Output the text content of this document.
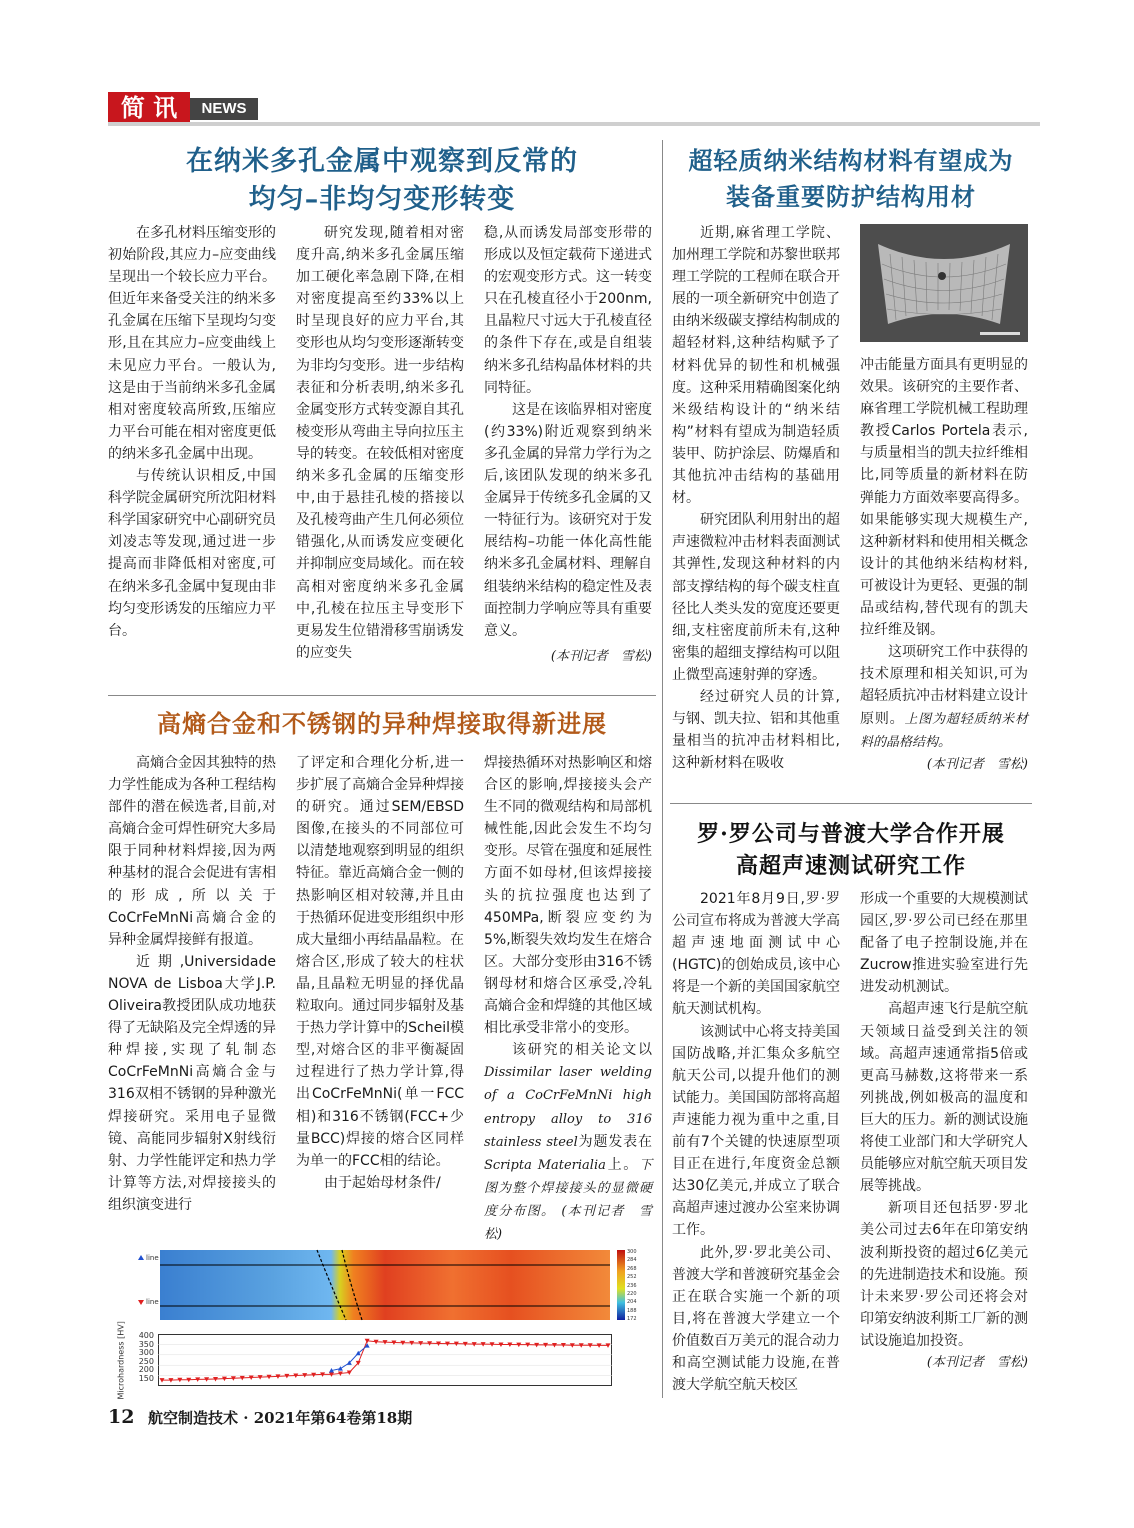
简 讯	NEWS
在纳米多孔金属中观察到反常的
均匀–非均匀变形转变

在多孔材料压缩变形的初始阶段,其应力–应变曲线呈现出一个较长应力平台。但近年来备受关注的纳米多孔金属在压缩下呈现均匀变形,且在其应力–应变曲线上未见应力平台。一般认为,这是由于当前纳米多孔金属相对密度较高所致,压缩应力平台可能在相对密度更低的纳米多孔金属中出现。

与传统认识相反,中国科学院金属研究所沈阳材料科学国家研究中心副研究员刘凌志等发现,通过进一步提高而非降低相对密度,可在纳米多孔金属中复现由非均匀变形诱发的压缩应力平台。

研究发现,随着相对密度升高,纳米多孔金属压缩加工硬化率急剧下降,在相对密度提高至约33%以上时呈现良好的应力平台,其变形也从均匀变形逐渐转变为非均匀变形。进一步结构表征和分析表明,纳米多孔金属变形方式转变源自其孔棱变形从弯曲主导向拉压主导的转变。在较低相对密度纳米多孔金属的压缩变形中,由于悬挂孔棱的搭接以及孔棱弯曲产生几何必须位错强化,从而诱发应变硬化并抑制应变局域化。而在较高相对密度纳米多孔金属中,孔棱在拉压主导变形下更易发生位错滑移雪崩诱发的应变失

稳,从而诱发局部变形带的形成以及恒定载荷下递进式的宏观变形方式。这一转变只在孔棱直径小于200nm,且晶粒尺寸远大于孔棱直径的条件下存在,或是自组装纳米多孔结构晶体材料的共同特征。

这是在该临界相对密度(约33%)附近观察到纳米多孔金属的异常力学行为之后,该团队发现的纳米多孔金属异于传统多孔金属的又一特征行为。该研究对于发展结构–功能一体化高性能纳米多孔金属材料、理解自组装纳米结构的稳定性及表面控制力学响应等具有重要意义。

(本刊记者　雪松)
高熵合金和不锈钢的异种焊接取得新进展

高熵合金因其独特的热力学性能成为各种工程结构部件的潜在候选者,目前,对高熵合金可焊性研究大多局限于同种材料焊接,因为两种基材的混合会促进有害相的形成,所以关于CoCrFeMnNi高熵合金的异种金属焊接鲜有报道。

近期,Universidade NOVA de Lisboa大学J.P. Oliveira教授团队成功地获得了无缺陷及完全焊透的异种焊接,实现了轧制态CoCrFeMnNi高熵合金与316双相不锈钢的异种激光焊接研究。采用电子显微镜、高能同步辐射X射线衍射、力学性能评定和热力学计算等方法,对焊接接头的组织演变进行

了评定和合理化分析,进一步扩展了高熵合金异种焊接的研究。通过SEM/EBSD图像,在接头的不同部位可以清楚地观察到明显的组织特征。靠近高熵合金一侧的热影响区相对较薄,并且由于热循环促进变形组织中形成大量细小再结晶晶粒。在熔合区,形成了较大的柱状晶,且晶粒无明显的择优晶粒取向。通过同步辐射及基于热力学计算中的Scheil模型,对熔合区的非平衡凝固过程进行了热力学计算,得出CoCrFeMnNi(单一FCC相)和316不锈钢(FCC+少量BCC)焊接的熔合区同样为单一的FCC相的结论。

由于起始母材条件/

焊接热循环对热影响区和熔合区的影响,焊接接头会产生不同的微观结构和局部机械性能,因此会发生不均匀变形。尽管在强度和延展性方面不如母材,但该焊接接头的抗拉强度也达到了450MPa,断裂应变约为5%,断裂失效均发生在熔合区。大部分变形由316不锈钢母材和熔合区承受,冷轧高熵合金和焊缝的其他区域相比承受非常小的变形。

该研究的相关论文以Dissimilar laser welding of a CoCrFeMnNi high entropy alloy to 316 stainless steel为题发表在Scripta Materialia上。下图为整个焊接接头的显微硬度分布图。 (本刊记者　雪松)

line
line
300
284
268
252
236
220
204
188
172
Microhardness [HV]	400
350
300
250
200
150
超轻质纳米结构材料有望成为
装备重要防护结构用材

近期,麻省理工学院、加州理工学院和苏黎世联邦理工学院的工程师在联合开展的一项全新研究中创造了由纳米级碳支撑结构制成的超轻材料,这种结构赋予了材料优异的韧性和机械强度。这种采用精确图案化纳米级结构设计的“纳米结构”材料有望成为制造轻质装甲、防护涂层、防爆盾和其他抗冲击结构的基础用材。

研究团队利用射出的超声速微粒冲击材料表面测试其弹性,发现这种材料的内部支撑结构的每个碳支柱直径比人类头发的宽度还要更细,支柱密度前所未有,这种密集的超细支撑结构可以阻止微型高速射弹的穿透。

经过研究人员的计算,与钢、凯夫拉、铝和其他重量相当的抗冲击材料相比,这种新材料在吸收

冲击能量方面具有更明显的效果。该研究的主要作者、麻省理工学院机械工程助理教授Carlos Portela表示,与质量相当的凯夫拉纤维相比,同等质量的新材料在防弹能力方面效率要高得多。如果能够实现大规模生产,这种新材料和使用相关概念设计的其他纳米结构材料,可被设计为更轻、更强的制品或结构,替代现有的凯夫拉纤维及钢。

这项研究工作中获得的技术原理和相关知识,可为超轻质抗冲击材料建立设计原则。上图为超轻质纳米材料的晶格结构。

(本刊记者　雪松)
罗·罗公司与普渡大学合作开展
高超声速测试研究工作

2021年8月9日,罗·罗公司宣布将成为普渡大学高超声速地面测试中心(HGTC)的创始成员,该中心将是一个新的美国国家航空航天测试机构。

该测试中心将支持美国国防战略,并汇集众多航空航天公司,以提升他们的测试能力。美国国防部将高超声速能力视为重中之重,目前有7个关键的快速原型项目正在进行,年度资金总额达30亿美元,并成立了联合高超声速过渡办公室来协调工作。

此外,罗·罗北美公司、普渡大学和普渡研究基金会正在联合实施一个新的项目,将在普渡大学建立一个价值数百万美元的混合动力和高空测试能力设施,在普渡大学航空航天校区

形成一个重要的大规模测试园区,罗·罗公司已经在那里配备了电子控制设施,并在Zucrow推进实验室进行先进发动机测试。

高超声速飞行是航空航天领域日益受到关注的领域。高超声速通常指5倍或更高马赫数,这将带来一系列挑战,例如极高的温度和巨大的压力。新的测试设施将使工业部门和大学研究人员能够应对航空航天项目发展等挑战。

新项目还包括罗·罗北美公司过去6年在印第安纳波利斯投资的超过6亿美元的先进制造技术和设施。预计未来罗·罗公司还将会对印第安纳波利斯工厂新的测试设施追加投资。

(本刊记者　雪松)
12 航空制造技术 · 2021年第64卷第18期
